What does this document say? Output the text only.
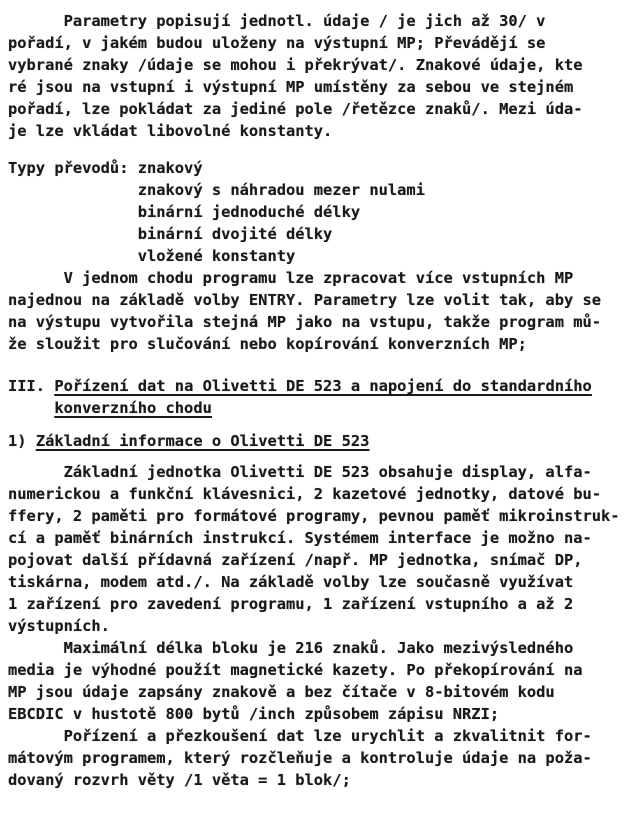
Parametry popisují jednotl. údaje / je jich až 30/ v
pořadí, v jakém budou uloženy na výstupní MP; Převádějí se
vybrané znaky /údaje se mohou i překrývat/. Znakové údaje, kte
ré jsou na vstupní i výstupní MP umístěny za sebou ve stejném
pořadí, lze pokládat za jediné pole /řetězce znaků/. Mezi úda-
je lze vkládat libovolné konstanty.
Typy převodů: znakový
znakový s náhradou mezer nulami
binární jednoduché délky
binární dvojité délky
vložené konstanty
V jednom chodu programu lze zpracovat více vstupních MP
najednou na základě volby ENTRY. Parametry lze volit tak, aby se
na výstupu vytvořila stejná MP jako na vstupu, takže program mů-
že sloužit pro slučování nebo kopírování konverzních MP;
III. Pořízení dat na Olivetti DE 523 a napojení do standardního
konverzního chodu
1) Základní informace o Olivetti DE 523
Základní jednotka Olivetti DE 523 obsahuje display, alfa-
numerickou a funkční klávesnici, 2 kazetové jednotky, datové bu-
ffery, 2 paměti pro formátové programy, pevnou paměť mikroinstruk-
cí a paměť binárních instrukcí. Systémem interface je možno na-
pojovat další přídavná zařízení /např. MP jednotka, snímač DP,
tiskárna, modem atd./. Na základě volby lze současně využívat
1 zařízení pro zavedení programu, 1 zařízení vstupního a až 2
výstupních.
Maximální délka bloku je 216 znaků. Jako mezivýsledného
media je výhodné použít magnetické kazety. Po překopírování na
MP jsou údaje zapsány znakově a bez čítače v 8-bitovém kodu
EBCDIC v hustotě 800 bytů /inch způsobem zápisu NRZI;
Pořízení a přezkoušení dat lze urychlit a zkvalitnit for-
mátovým programem, který rozčleňuje a kontroluje údaje na poža-
dovaný rozvrh věty /1 věta = 1 blok/;
